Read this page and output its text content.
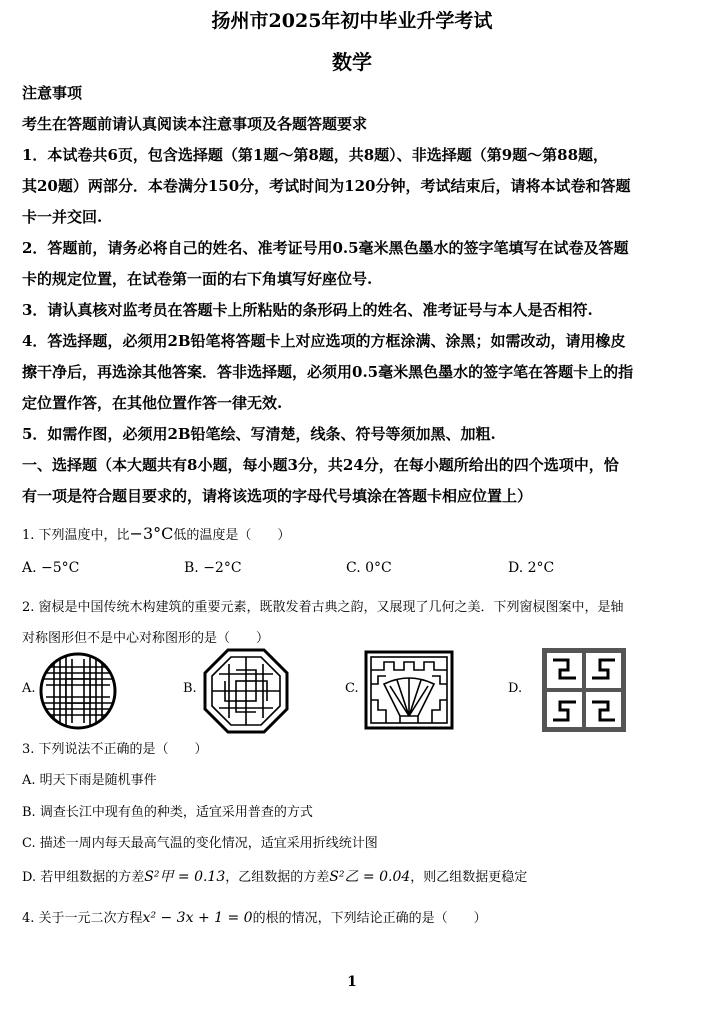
扬州市2025年初中毕业升学考试
数学
注意事项
考生在答题前请认真阅读本注意事项及各题答题要求
1．本试卷共6页，包含选择题（第1题～第8题，共8题）、非选择题（第9题～第88题，
其20题）两部分．本卷满分150分，考试时间为120分钟，考试结束后，请将本试卷和答题
卡一并交回.
2．答题前，请务必将自己的姓名、准考证号用0.5毫米黑色墨水的签字笔填写在试卷及答题
卡的规定位置，在试卷第一面的右下角填写好座位号.
3．请认真核对监考员在答题卡上所粘贴的条形码上的姓名、准考证号与本人是否相符.
4．答选择题，必须用2B铅笔将答题卡上对应选项的方框涂满、涂黑；如需改动，请用橡皮
擦干净后，再选涂其他答案．答非选择题，必须用0.5毫米黑色墨水的签字笔在答题卡上的指
定位置作答，在其他位置作答一律无效.
5．如需作图，必须用2B铅笔绘、写清楚，线条、符号等须加黑、加粗.
一、选择题（本大题共有8小题，每小题3分，共24分，在每小题所给出的四个选项中，恰
有一项是符合题目要求的，请将该选项的字母代号填涂在答题卡相应位置上）
1. 下列温度中，比−3°C低的温度是（　　）
A. −5°C	B. −2°C	C. 0°C	D. 2°C
2. 窗棂是中国传统木构建筑的重要元素，既散发着古典之韵，又展现了几何之美．下列窗棂图案中，是轴
对称图形但不是中心对称图形的是（　　）
A.	B.	C.	D.
3. 下列说法不正确的是（　　）
A. 明天下雨是随机事件
B. 调查长江中现有鱼的种类，适宜采用普查的方式
C. 描述一周内每天最高气温的变化情况，适宜采用折线统计图
D. 若甲组数据的方差S²甲 = 0.13，乙组数据的方差S²乙 = 0.04，则乙组数据更稳定
4. 关于一元二次方程x² − 3x + 1 = 0的根的情况，下列结论正确的是（　　）
1
